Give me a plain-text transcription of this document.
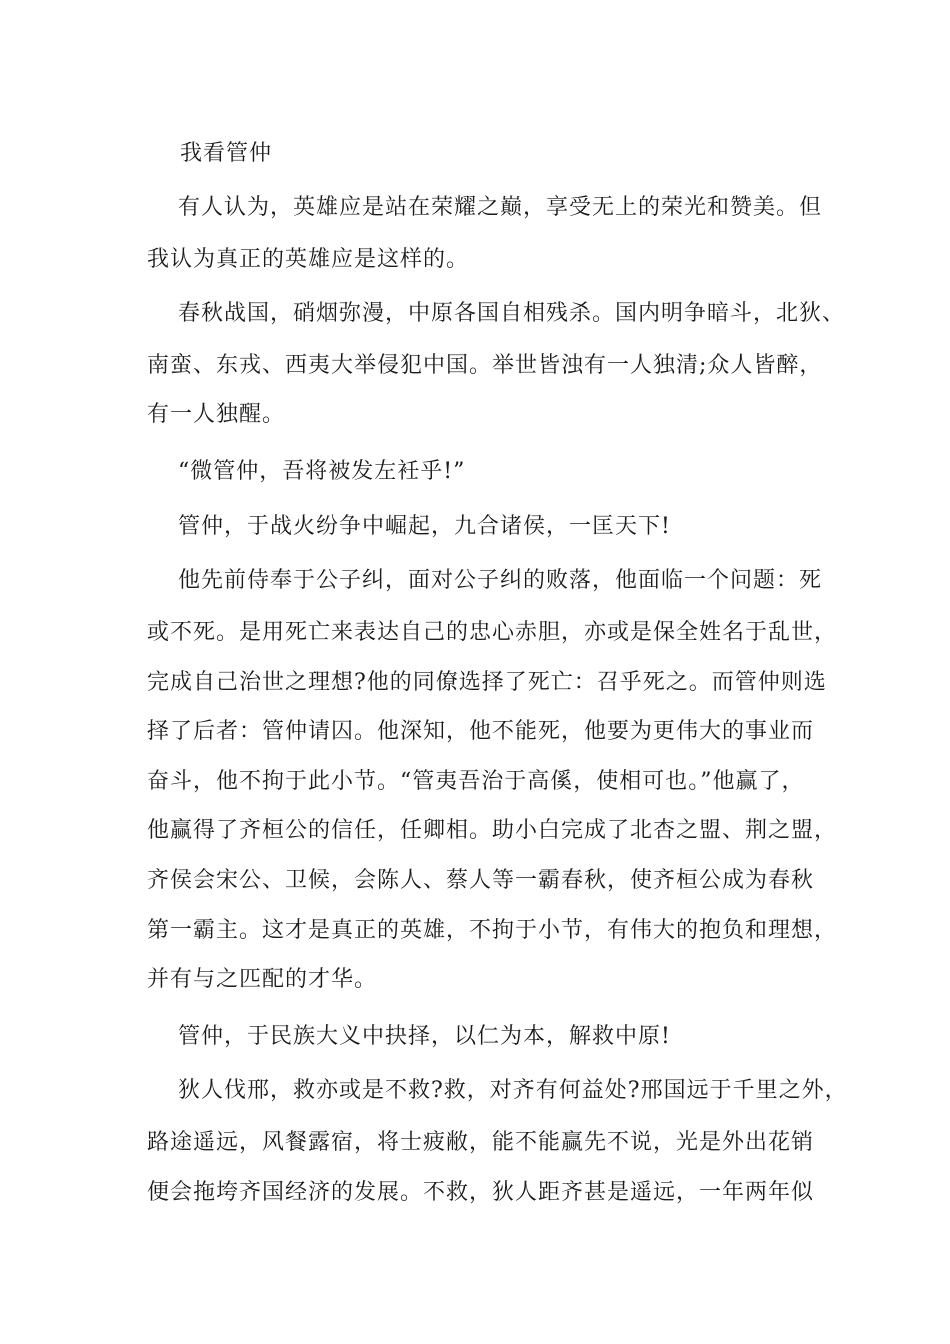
我看管仲
有人认为，英雄应是站在荣耀之巅，享受无上的荣光和赞美。但
我认为真正的英雄应是这样的。
春秋战国，硝烟弥漫，中原各国自相残杀。国内明争暗斗，北狄、
南蛮、东戎、西夷大举侵犯中国。举世皆浊有一人独清;众人皆醉，
有一人独醒。
“微管仲，吾将被发左衽乎!”
管仲，于战火纷争中崛起，九合诸侯，一匡天下!
他先前侍奉于公子纠，面对公子纠的败落，他面临一个问题：死
或不死。是用死亡来表达自己的忠心赤胆，亦或是保全姓名于乱世，
完成自己治世之理想?他的同僚选择了死亡：召乎死之。而管仲则选
择了后者：管仲请囚。他深知，他不能死，他要为更伟大的事业而
奋斗，他不拘于此小节。“管夷吾治于高傒，使相可也。”他赢了，
他赢得了齐桓公的信任，任卿相。助小白完成了北杏之盟、荆之盟，
齐侯会宋公、卫候，会陈人、蔡人等一霸春秋，使齐桓公成为春秋
第一霸主。这才是真正的英雄，不拘于小节，有伟大的抱负和理想，
并有与之匹配的才华。
管仲，于民族大义中抉择，以仁为本，解救中原!
狄人伐邢，救亦或是不救?救，对齐有何益处?邢国远于千里之外，
路途遥远，风餐露宿，将士疲敝，能不能赢先不说，光是外出花销
便会拖垮齐国经济的发展。不救，狄人距齐甚是遥远，一年两年似
